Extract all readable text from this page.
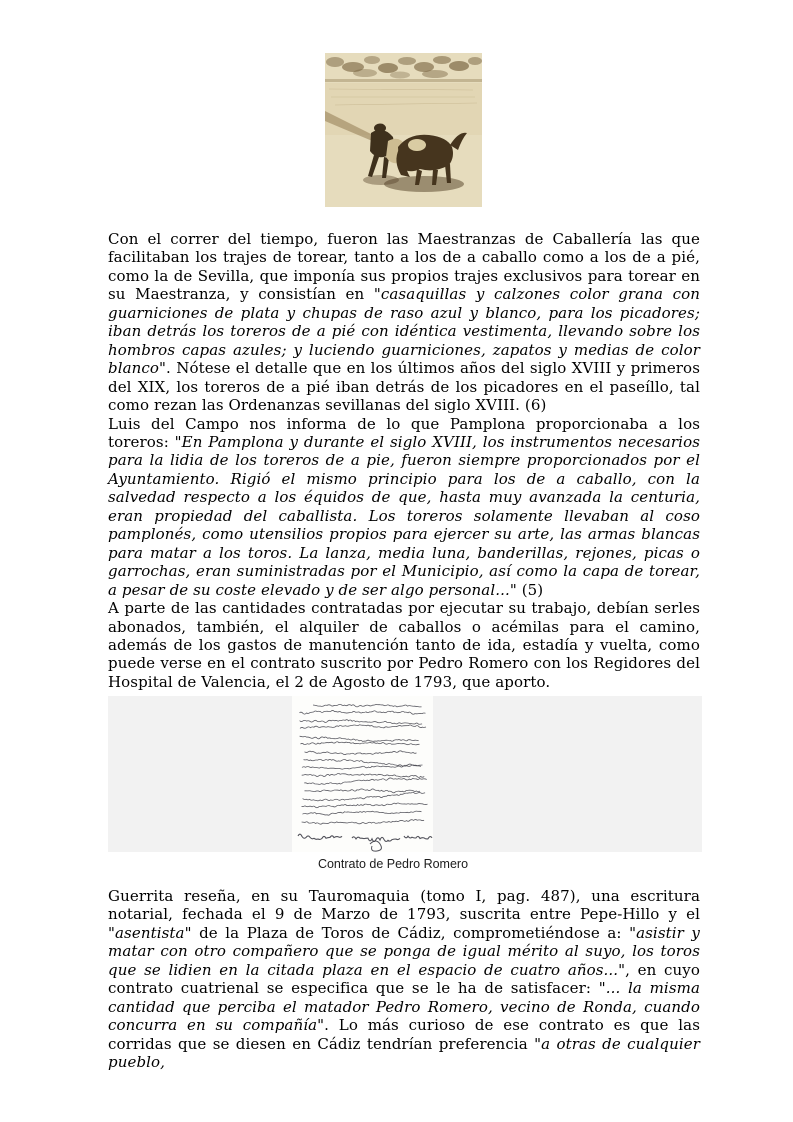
Con el correr del tiempo, fueron las Maestranzas de Caballería las que facilitaban los trajes de torear, tanto a los de a caballo como a los de a pié, como la de Sevilla, que imponía sus propios trajes exclusivos para torear en su Maestranza, y consistían en "casaquillas y calzones color grana con guarniciones de plata y chupas de raso azul y blanco, para los picadores; iban detrás los toreros de a pié con idéntica vestimenta, llevando sobre los hombros capas azules; y luciendo guarniciones, zapatos y medias de color blanco". Nótese el detalle que en los últimos años del siglo XVIII y primeros del XIX, los toreros de a pié iban detrás de los picadores en el paseíllo, tal como rezan las Ordenanzas sevillanas del siglo XVIII. (6)

Luis del Campo nos informa de lo que Pamplona proporcionaba a los toreros: "En Pamplona y durante el siglo XVIII, los instrumentos necesarios para la lidia de los toreros de a pie, fueron siempre proporcionados por el Ayuntamiento. Rigió el mismo principio para los de a caballo, con la salvedad respecto a los équidos de que, hasta muy avanzada la centuria, eran propiedad del caballista. Los toreros solamente llevaban al coso pamplonés, como utensilios propios para ejercer su arte, las armas blancas para matar a los toros. La lanza, media luna, banderillas, rejones, picas o garrochas, eran suministradas por el Municipio, así como la capa de torear, a pesar de su coste elevado y de ser algo personal..." (5)

A parte de las cantidades contratadas por ejecutar su trabajo, debían serles abonados, también, el alquiler de caballos o acémilas para el camino, además de los gastos de manutención tanto de ida, estadía y vuelta, como puede verse en el contrato suscrito por Pedro Romero con los Regidores del Hospital de Valencia, el 2 de Agosto de 1793, que aporto.

Contrato de Pedro Romero

Guerrita reseña, en su Tauromaquia (tomo I, pag. 487), una escritura notarial, fechada el 9 de Marzo de 1793, suscrita entre Pepe-Hillo y el "asentista" de la Plaza de Toros de Cádiz, comprometiéndose a: "asistir y matar con otro compañero que se ponga de igual mérito al suyo, los toros que se lidien en la citada plaza en el espacio de cuatro años...", en cuyo contrato cuatrienal se especifica que se le ha de satisfacer: "... la misma cantidad que perciba el matador Pedro Romero, vecino de Ronda, cuando concurra en su compañía". Lo más curioso de ese contrato es que las corridas que se diesen en Cádiz tendrían preferencia "a otras de cualquier pueblo,
